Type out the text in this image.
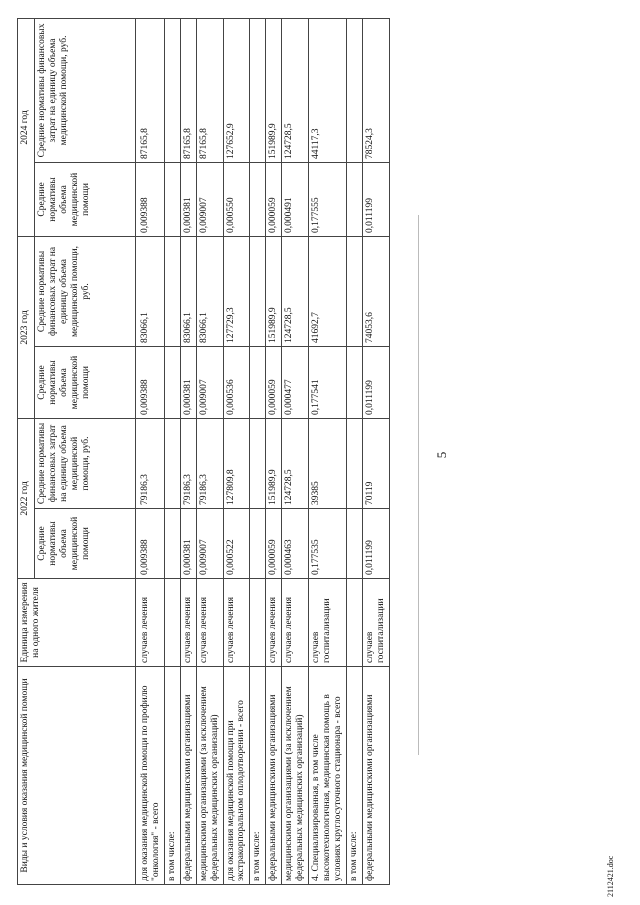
Виды и условия оказания медицинской помощи	Единица измерения на одного жителя	2022 год		2023 год		2024 год	
		Средние нормативы объема медицинской помощи	Средние нормативы финансовых затрат на единицу объема медицинской помощи, руб.	Средние нормативы объема медицинской помощи	Средние нормативы финансовых затрат на единицу объема медицинской помощи, руб.	Средние нормативы объема медицинской помощи	Средние нормативы финансовых затрат на единицу объема медицинской помощи, руб.
для оказания медицинской помощи по профилю "онкология" - всего	случаев лечения	0,009388	79186,3	0,009388	83066,1	0,009388	87165,8
в том числе:							
федеральными медицинскими организациями	случаев лечения	0,000381	79186,3	0,000381	83066,1	0,000381	87165,8
медицинскими организациями (за исключением федеральных медицинских организаций)	случаев лечения	0,009007	79186,3	0,009007	83066,1	0,009007	87165,8
для оказания медицинской помощи при экстракорпоральном оплодотворении - всего	случаев лечения	0,000522	127809,8	0,000536	127729,3	0,000550	127652,9
в том числе:							
федеральными медицинскими организациями	случаев лечения	0,000059	151989,9	0,000059	151989,9	0,000059	151989,9
медицинскими организациями (за исключением федеральных медицинских организаций)	случаев лечения	0,000463	124728,5	0,000477	124728,5	0,000491	124728,5
4. Специализированная, в том числе высокотехнологичная, медицинская помощь в условиях круглосуточного стационара - всего	случаев госпитализации	0,177535	39385	0,177541	41692,7	0,177555	44117,3
в том числе:							
федеральными медицинскими организациями	случаев госпитализации	0,011199	70119	0,011199	74053,6	0,011199	78524,3
5
2112421.doc
